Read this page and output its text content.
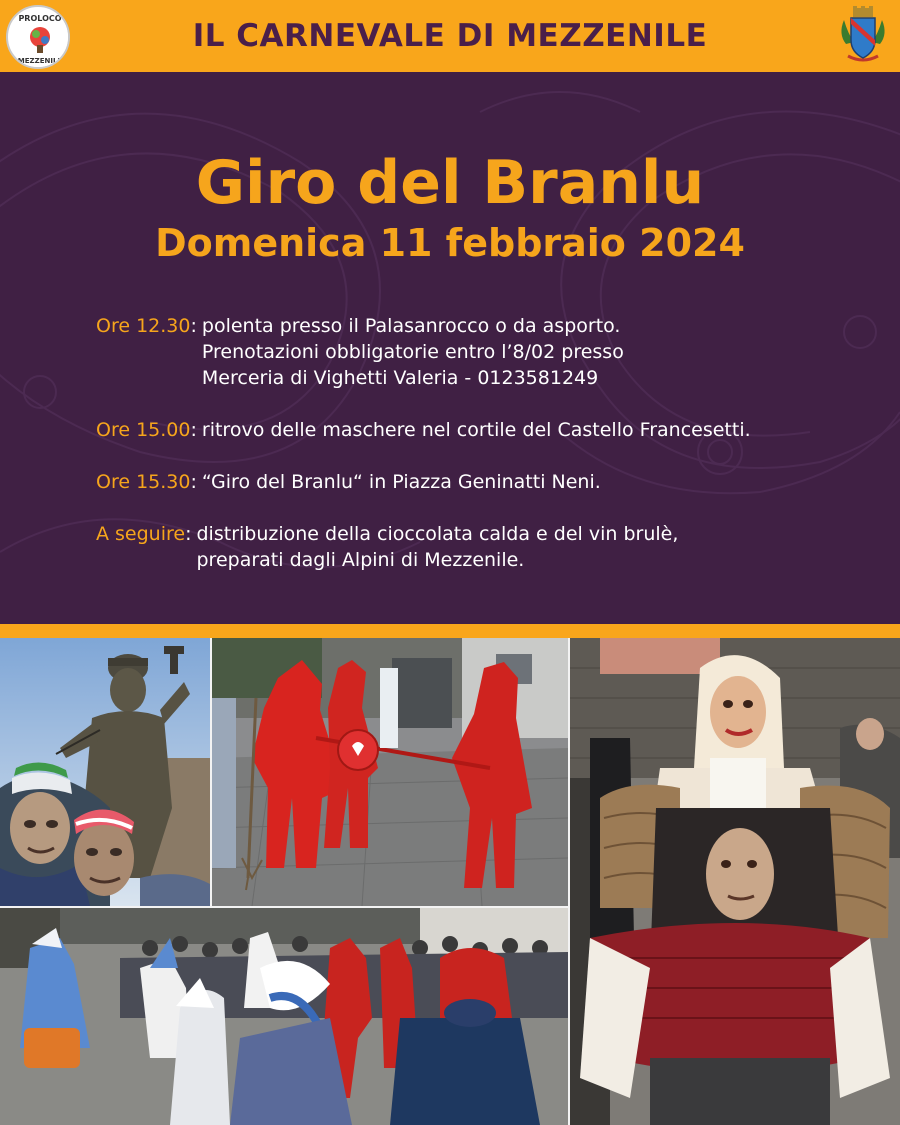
PROLOCO
MEZZENILE
IL CARNEVALE DI MEZZENILE
Giro del Branlu
Domenica 11 febbraio 2024
Ore 12.30 : polenta presso il Palasanrocco o da asporto.
Prenotazioni obbligatorie entro l’8/02 presso
Merceria di Vighetti Valeria - 0123581249
Ore 15.00 : ritrovo delle maschere nel cortile del Castello Francesetti.
Ore 15.30 : “Giro del Branlu“ in Piazza Geninatti Neni.
A seguire : distribuzione della cioccolata calda e del vin brulè,
preparati dagli Alpini di Mezzenile.
